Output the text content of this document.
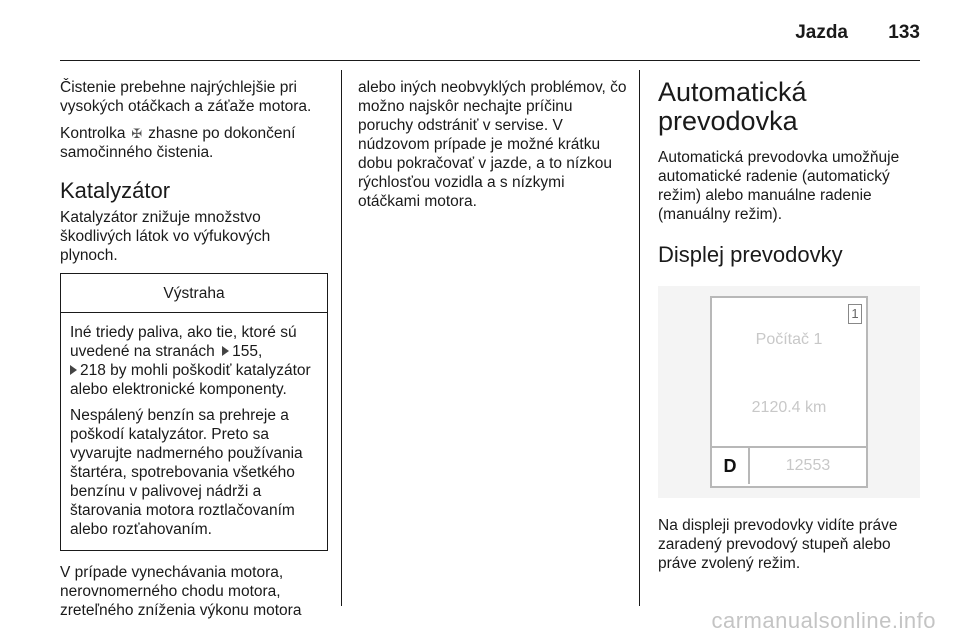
Jazda 133

Čistenie prebehne najrýchlejšie pri vysokých otáčkach a záťaže motora.

Kontrolka ✠ zhasne po dokončení samočinného čistenia.

Katalyzátor

Katalyzátor znižuje množstvo škodlivých látok vo výfukových plynoch.

Výstraha

Iné triedy paliva, ako tie, ktoré sú uvedené na stranách 155,
218 by mohli poškodiť katalyzátor alebo elektronické komponenty.

Nespálený benzín sa prehreje a poškodí katalyzátor. Preto sa vyvarujte nadmerného používania štartéra, spotrebovania všetkého benzínu v palivovej nádrži a štarovania motora roztlačovaním alebo rozťahovaním.

V prípade vynechávania motora, nerovnomerného chodu motora, zreteľného zníženia výkonu motora

alebo iných neobvyklých problémov, čo možno najskôr nechajte príčinu poruchy odstrániť v servise. V núdzovom prípade je možné krátku dobu pokračovať v jazde, a to nízkou rýchlosťou vozidla a s nízkymi otáčkami motora.

Automatická prevodovka

Automatická prevodovka umožňuje automatické radenie (automatický režim) alebo manuálne radenie (manuálny režim).

Displej prevodovky
1
Počítač 1
2120.4 km
D	12553

Na displeji prevodovky vidíte práve zaradený prevodový stupeň alebo práve zvolený režim.

carmanualsonline.info
